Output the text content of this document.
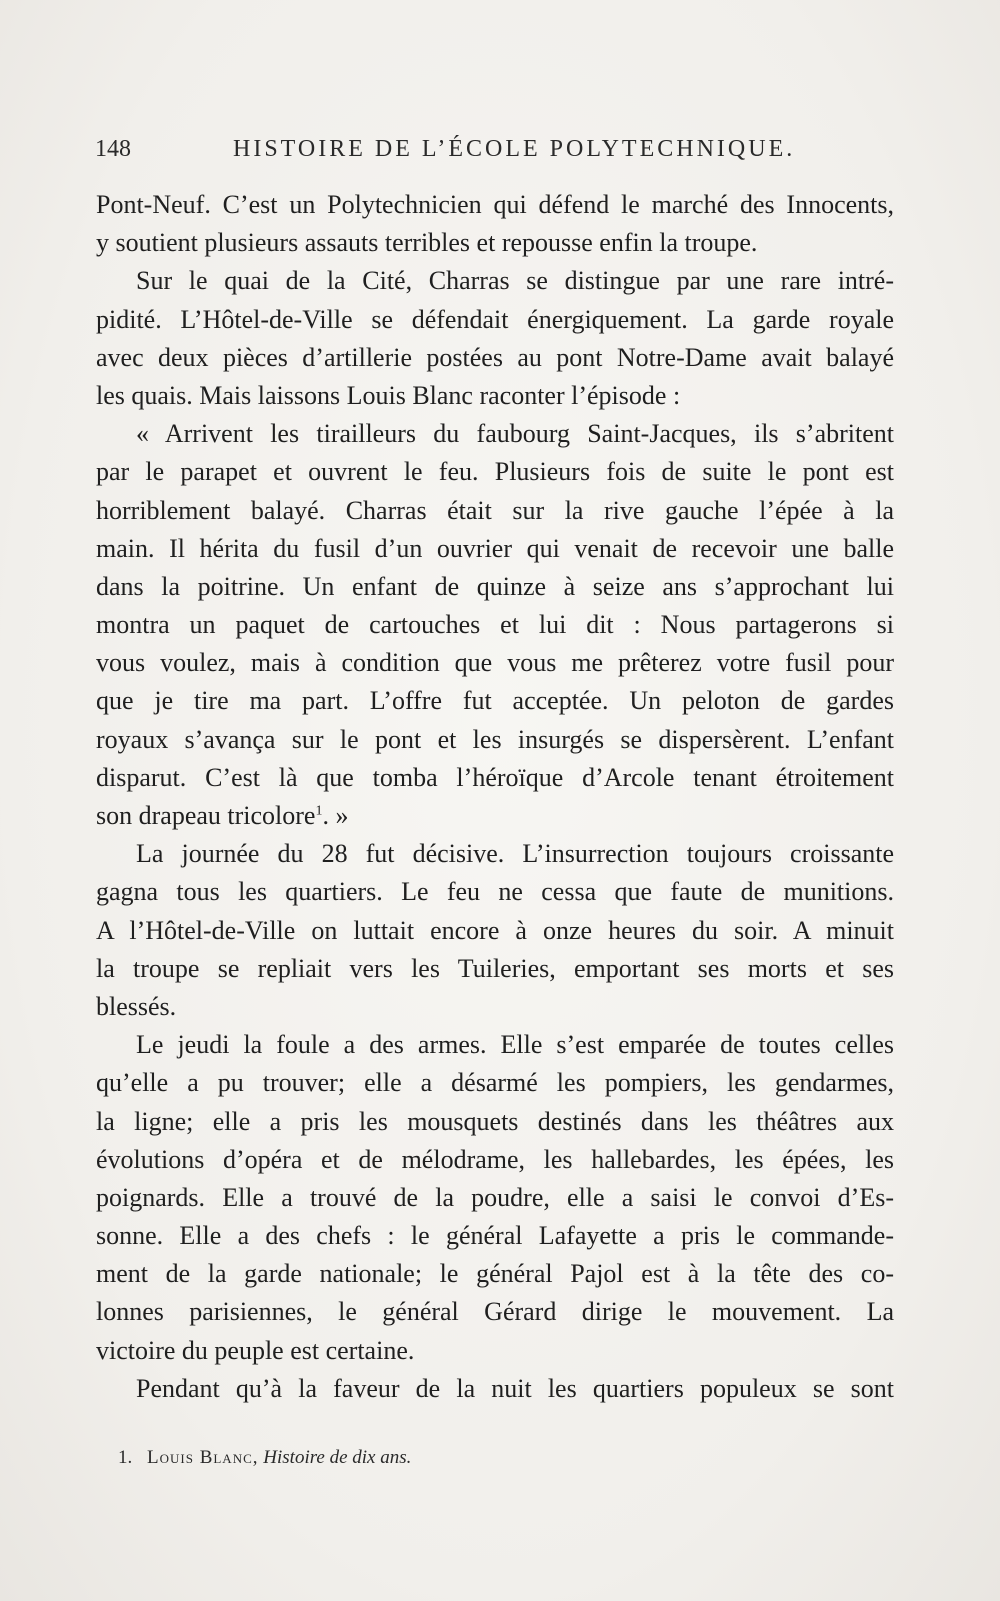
148	HISTOIRE DE L’ÉCOLE POLYTECHNIQUE.
Pont-Neuf. C’est un Polytechnicien qui défend le marché des Innocents,
y soutient plusieurs assauts terribles et repousse enfin la troupe.
Sur le quai de la Cité, Charras se distingue par une rare intré-
pidité. L’Hôtel-de-Ville se défendait énergiquement. La garde royale
avec deux pièces d’artillerie postées au pont Notre-Dame avait balayé
les quais. Mais laissons Louis Blanc raconter l’épisode :
« Arrivent les tirailleurs du faubourg Saint-Jacques, ils s’abritent
par le parapet et ouvrent le feu. Plusieurs fois de suite le pont est
horriblement balayé. Charras était sur la rive gauche l’épée à la
main. Il hérita du fusil d’un ouvrier qui venait de recevoir une balle
dans la poitrine. Un enfant de quinze à seize ans s’approchant lui
montra un paquet de cartouches et lui dit : Nous partagerons si
vous voulez, mais à condition que vous me prêterez votre fusil pour
que je tire ma part. L’offre fut acceptée. Un peloton de gardes
royaux s’avança sur le pont et les insurgés se dispersèrent. L’enfant
disparut. C’est là que tomba l’héroïque d’Arcole tenant étroitement
son drapeau tricolore$^1$. »
La journée du 28 fut décisive. L’insurrection toujours croissante
gagna tous les quartiers. Le feu ne cessa que faute de munitions.
A l’Hôtel-de-Ville on luttait encore à onze heures du soir. A minuit
la troupe se repliait vers les Tuileries, emportant ses morts et ses
blessés.
Le jeudi la foule a des armes. Elle s’est emparée de toutes celles
qu’elle a pu trouver; elle a désarmé les pompiers, les gendarmes,
la ligne; elle a pris les mousquets destinés dans les théâtres aux
évolutions d’opéra et de mélodrame, les hallebardes, les épées, les
poignards. Elle a trouvé de la poudre, elle a saisi le convoi d’Es-
sonne. Elle a des chefs : le général Lafayette a pris le commande-
ment de la garde nationale; le général Pajol est à la tête des co-
lonnes parisiennes, le général Gérard dirige le mouvement. La
victoire du peuple est certaine.
Pendant qu’à la faveur de la nuit les quartiers populeux se sont
1. Louis Blanc, Histoire de dix ans.
